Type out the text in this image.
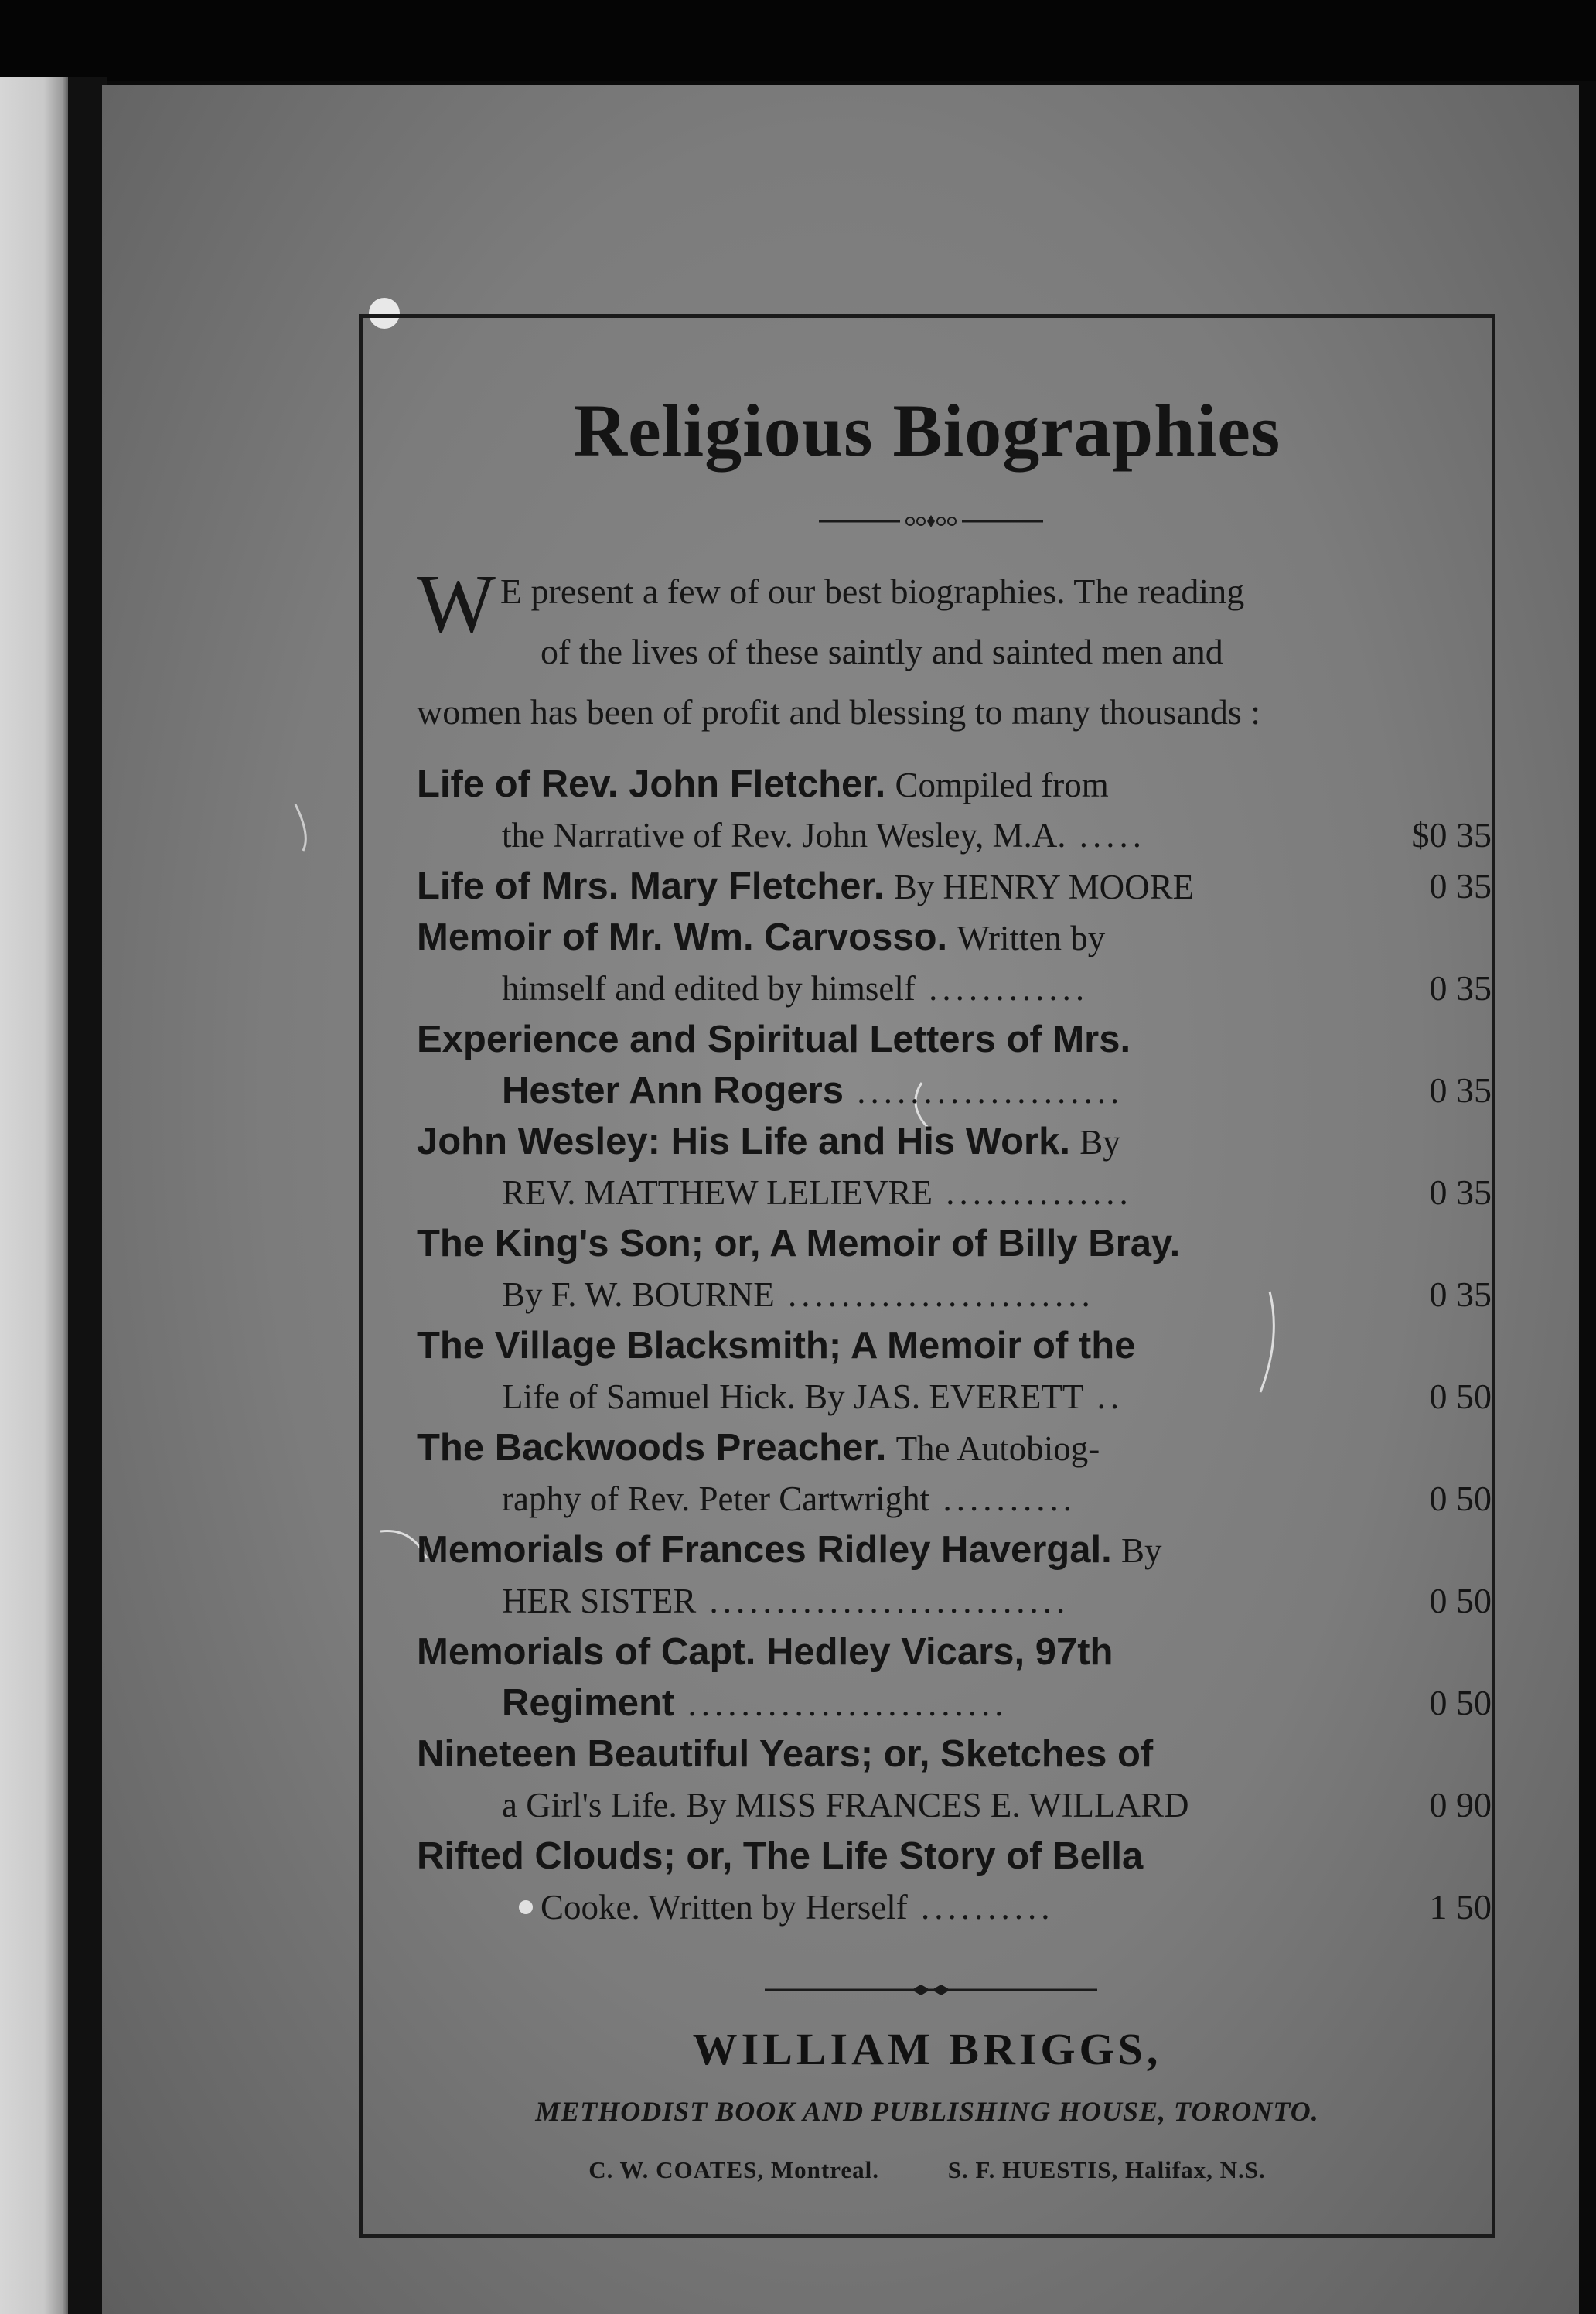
Religious Biographies
W E present a few of our best biographies. The reading
of the lives of these saintly and sainted men and
women has been of profit and blessing to many thousands :
Life of Rev. John Fletcher. Compiled from
the Narrative of Rev. John Wesley, M.A. .....	$0 35
Life of Mrs. Mary Fletcher. By HENRY MOORE	0 35
Memoir of Mr. Wm. Carvosso. Written by
himself and edited by himself ............	0 35
Experience and Spiritual Letters of Mrs.
Hester Ann Rogers ....................	0 35
John Wesley: His Life and His Work. By
REV. MATTHEW LELIEVRE ..............	0 35
The King's Son; or, A Memoir of Billy Bray.
By F. W. BOURNE .......................	0 35
The Village Blacksmith; A Memoir of the
Life of Samuel Hick. By JAS. EVERETT ..	0 50
The Backwoods Preacher. The Autobiog-
raphy of Rev. Peter Cartwright ..........	0 50
Memorials of Frances Ridley Havergal. By
HER SISTER ...........................	0 50
Memorials of Capt. Hedley Vicars, 97th
Regiment ........................	0 50
Nineteen Beautiful Years; or, Sketches of
a Girl's Life. By MISS FRANCES E. WILLARD	0 90
Rifted Clouds; or, The Life Story of Bella
Cooke. Written by Herself ..........	1 50
WILLIAM BRIGGS,
METHODIST BOOK AND PUBLISHING HOUSE, TORONTO.
C. W. COATES, Montreal.	S. F. HUESTIS, Halifax, N.S.
